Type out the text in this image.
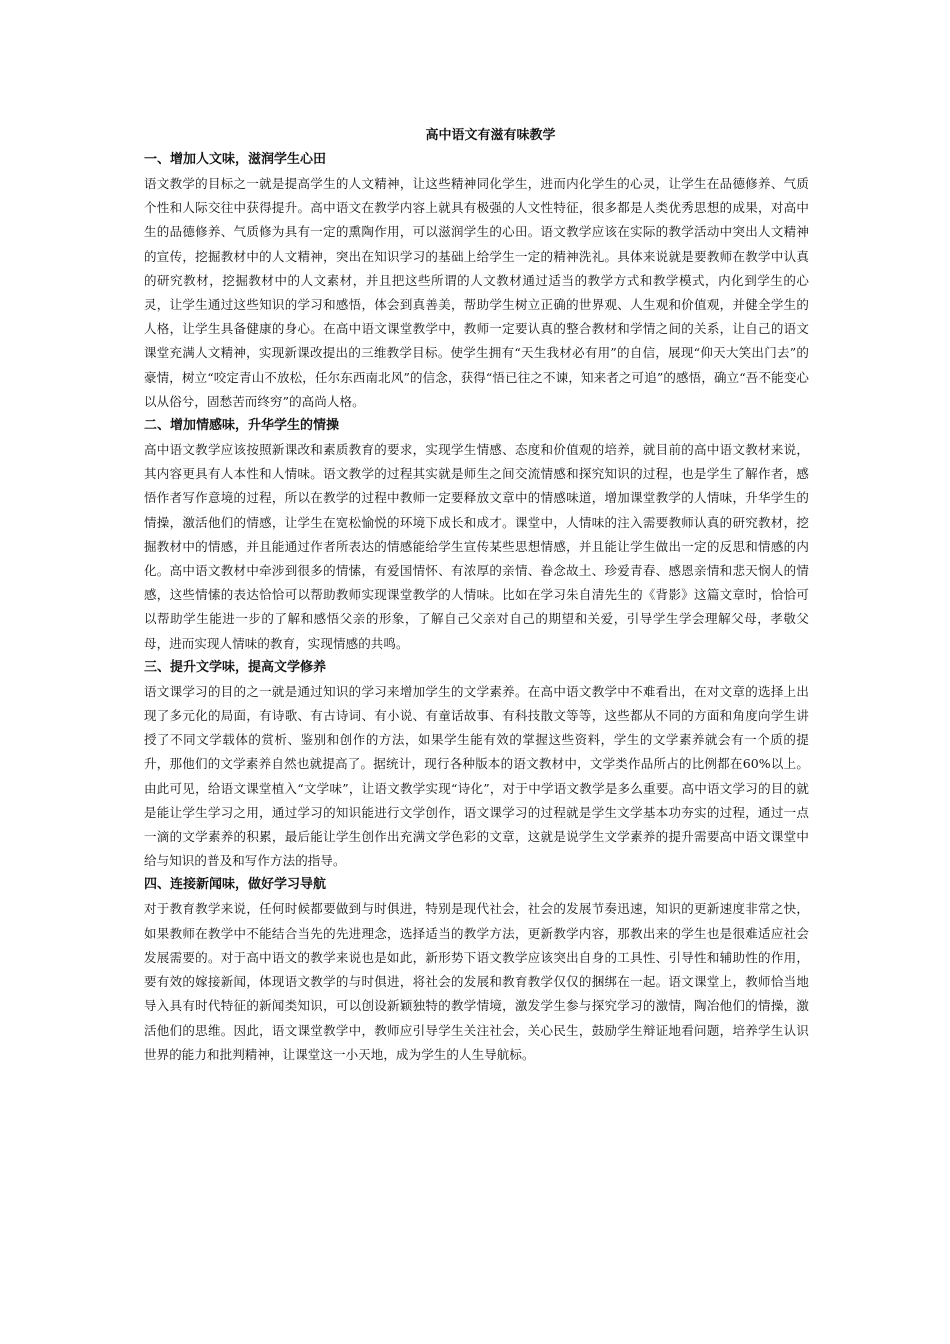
高中语文有滋有味教学
一、增加人文味，滋润学生心田

语文教学的目标之一就是提高学生的人文精神，让这些精神同化学生，进而内化学生的心灵，让学生在品德修养、气质个性和人际交往中获得提升。高中语文在教学内容上就具有极强的人文性特征，很多都是人类优秀思想的成果，对高中生的品德修养、气质修为具有一定的熏陶作用，可以滋润学生的心田。语文教学应该在实际的教学活动中突出人文精神的宣传，挖掘教材中的人文精神，突出在知识学习的基础上给学生一定的精神洗礼。具体来说就是要教师在教学中认真的研究教材，挖掘教材中的人文素材，并且把这些所谓的人文教材通过适当的教学方式和教学模式，内化到学生的心灵，让学生通过这些知识的学习和感悟，体会到真善美，帮助学生树立正确的世界观、人生观和价值观，并健全学生的人格，让学生具备健康的身心。在高中语文课堂教学中，教师一定要认真的整合教材和学情之间的关系，让自己的语文课堂充满人文精神，实现新课改提出的三维教学目标。使学生拥有“天生我材必有用”的自信，展现“仰天大笑出门去”的豪情，树立“咬定青山不放松，任尔东西南北风”的信念，获得“悟已往之不谏，知来者之可追”的感悟，确立“吾不能变心以从俗兮，固愁苦而终穷”的高尚人格。

二、增加情感味，升华学生的情操

高中语文教学应该按照新课改和素质教育的要求，实现学生情感、态度和价值观的培养，就目前的高中语文教材来说，其内容更具有人本性和人情味。语文教学的过程其实就是师生之间交流情感和探究知识的过程，也是学生了解作者，感悟作者写作意境的过程，所以在教学的过程中教师一定要释放文章中的情感味道，增加课堂教学的人情味，升华学生的情操，激活他们的情感，让学生在宽松愉悦的环境下成长和成才。课堂中，人情味的注入需要教师认真的研究教材，挖掘教材中的情感，并且能通过作者所表达的情感能给学生宣传某些思想情感，并且能让学生做出一定的反思和情感的内化。高中语文教材中牵涉到很多的情愫，有爱国情怀、有浓厚的亲情、眷念故土、珍爱青春、感恩亲情和悲天悯人的情感，这些情愫的表达恰恰可以帮助教师实现课堂教学的人情味。比如在学习朱自清先生的《背影》这篇文章时，恰恰可以帮助学生能进一步的了解和感悟父亲的形象，了解自己父亲对自己的期望和关爱，引导学生学会理解父母，孝敬父母，进而实现人情味的教育，实现情感的共鸣。

三、提升文学味，提高文学修养

语文课学习的目的之一就是通过知识的学习来增加学生的文学素养。在高中语文教学中不难看出，在对文章的选择上出现了多元化的局面，有诗歌、有古诗词、有小说、有童话故事、有科技散文等等，这些都从不同的方面和角度向学生讲授了不同文学载体的赏析、鉴别和创作的方法，如果学生能有效的掌握这些资料，学生的文学素养就会有一个质的提升，那他们的文学素养自然也就提高了。据统计，现行各种版本的语文教材中，文学类作品所占的比例都在60%以上。由此可见，给语文课堂植入“文学味”，让语文教学实现“诗化”，对于中学语文教学是多么重要。高中语文学习的目的就是能让学生学习之用，通过学习的知识能进行文学创作，语文课学习的过程就是学生文学基本功夯实的过程，通过一点一滴的文学素养的积累，最后能让学生创作出充满文学色彩的文章，这就是说学生文学素养的提升需要高中语文课堂中给与知识的普及和写作方法的指导。

四、连接新闻味，做好学习导航

对于教育教学来说，任何时候都要做到与时俱进，特别是现代社会，社会的发展节奏迅速，知识的更新速度非常之快，如果教师在教学中不能结合当先的先进理念，选择适当的教学方法，更新教学内容，那教出来的学生也是很难适应社会发展需要的。对于高中语文的教学来说也是如此，新形势下语文教学应该突出自身的工具性、引导性和辅助性的作用，要有效的嫁接新闻，体现语文教学的与时俱进，将社会的发展和教育教学仅仅的捆绑在一起。语文课堂上，教师恰当地导入具有时代特征的新闻类知识，可以创设新颖独特的教学情境，激发学生参与探究学习的激情，陶冶他们的情操，激活他们的思维。因此，语文课堂教学中，教师应引导学生关注社会，关心民生，鼓励学生辩证地看问题，培养学生认识世界的能力和批判精神，让课堂这一小天地，成为学生的人生导航标。
